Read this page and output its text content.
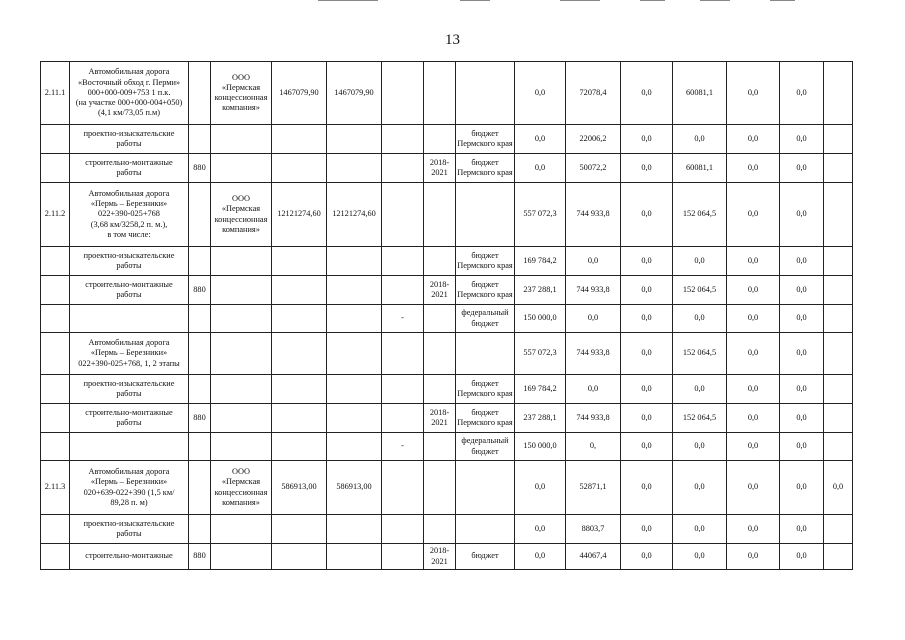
13
2.11.1	Автомобильная дорога
«Восточный обход г. Перми»
000+000-009+753 1 п.к.
(на участке 000+000-004+050)
(4,1 км/73,05 п.м)		ООО
«Пермская
концессионная
компания»	1467079,90	1467079,90				0,0	72078,4	0,0	60081,1	0,0	0,0	
	проектно-изыскательские
работы							бюджет
Пермского края	0,0	22006,2	0,0	0,0	0,0	0,0	
	строительно-монтажные
работы	880					2018-2021	бюджет
Пермского края	0,0	50072,2	0,0	60081,1	0,0	0,0	
2.11.2	Автомобильная дорога
«Пермь – Березники»
022+390-025+768
(3,68 км/3258,2 п. м.),
в том числе:		ООО
«Пермская
концессионная
компания»	12121274,60	12121274,60				557 072,3	744 933,8	0,0	152 064,5	0,0	0,0	
	проектно-изыскательские
работы							бюджет
Пермского края	169 784,2	0,0	0,0	0,0	0,0	0,0	
	строительно-монтажные
работы	880					2018-2021	бюджет
Пермского края	237 288,1	744 933,8	0,0	152 064,5	0,0	0,0	
						-		федеральный
бюджет	150 000,0	0,0	0,0	0,0	0,0	0,0	
	Автомобильная дорога
«Пермь – Березники»
022+390-025+768, 1, 2 этапы								557 072,3	744 933,8	0,0	152 064,5	0,0	0,0	
	проектно-изыскательские
работы							бюджет
Пермского края	169 784,2	0,0	0,0	0,0	0,0	0,0	
	строительно-монтажные
работы	880					2018-2021	бюджет
Пермского края	237 288,1	744 933,8	0,0	152 064,5	0,0	0,0	
						-		федеральный
бюджет	150 000,0	0,	0,0	0,0	0,0	0,0	
2.11.3	Автомобильная дорога
«Пермь – Березники»
020+639-022+390 (1,5 км/
89,28 п. м)		ООО
«Пермская
концессионная
компания»	586913,00	586913,00				0,0	52871,1	0,0	0,0	0,0	0,0	0,0
	проектно-изыскательские
работы								0,0	8803,7	0,0	0,0	0,0	0,0	
	строительно-монтажные	880					2018-2021	бюджет	0,0	44067,4	0,0	0,0	0,0	0,0	
